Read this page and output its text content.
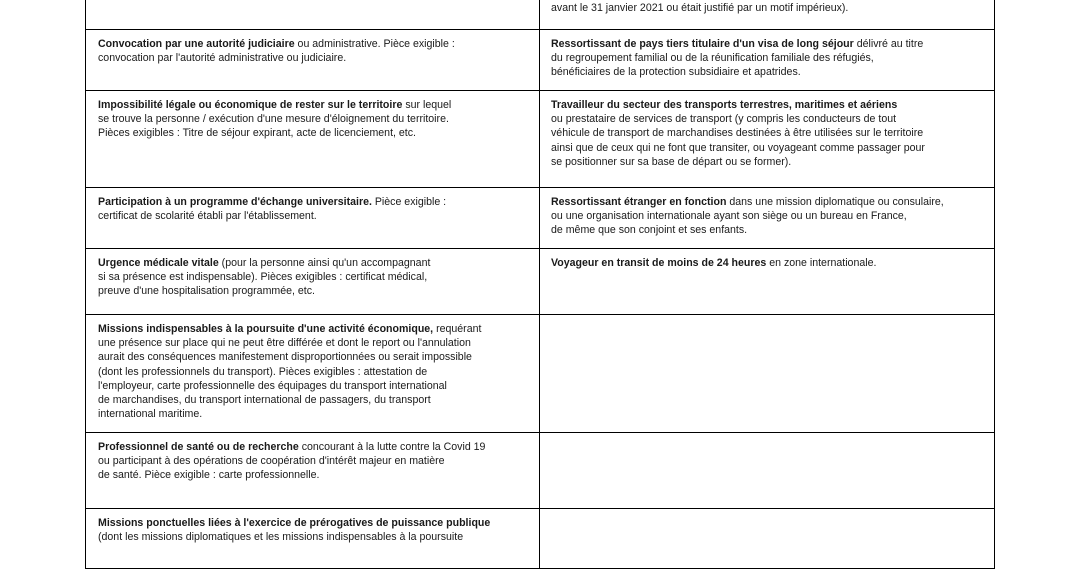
avant le 31 janvier 2021 ou était justifié par un motif impérieux).
Convocation par une autorité judiciaire ou administrative. Pièce exigible :
convocation par l'autorité administrative ou judiciaire.
Ressortissant de pays tiers titulaire d'un visa de long séjour délivré au titre
du regroupement familial ou de la réunification familiale des réfugiés,
bénéficiaires de la protection subsidiaire et apatrides.
Impossibilité légale ou économique de rester sur le territoire sur lequel
se trouve la personne / exécution d'une mesure d'éloignement du territoire.
Pièces exigibles : Titre de séjour expirant, acte de licenciement, etc.
Travailleur du secteur des transports terrestres, maritimes et aériens
ou prestataire de services de transport (y compris les conducteurs de tout
véhicule de transport de marchandises destinées à être utilisées sur le territoire
ainsi que de ceux qui ne font que transiter, ou voyageant comme passager pour
se positionner sur sa base de départ ou se former).
Participation à un programme d'échange universitaire. Pièce exigible :
certificat de scolarité établi par l'établissement.
Ressortissant étranger en fonction dans une mission diplomatique ou consulaire,
ou une organisation internationale ayant son siège ou un bureau en France,
de même que son conjoint et ses enfants.
Urgence médicale vitale (pour la personne ainsi qu'un accompagnant
si sa présence est indispensable). Pièces exigibles : certificat médical,
preuve d'une hospitalisation programmée, etc.
Voyageur en transit de moins de 24 heures en zone internationale.
Missions indispensables à la poursuite d'une activité économique, requérant
une présence sur place qui ne peut être différée et dont le report ou l'annulation
aurait des conséquences manifestement disproportionnées ou serait impossible
(dont les professionnels du transport). Pièces exigibles : attestation de
l'employeur, carte professionnelle des équipages du transport international
de marchandises, du transport international de passagers, du transport
international maritime.
Professionnel de santé ou de recherche concourant à la lutte contre la Covid 19
ou participant à des opérations de coopération d'intérêt majeur en matière
de santé. Pièce exigible : carte professionnelle.
Missions ponctuelles liées à l'exercice de prérogatives de puissance publique
(dont les missions diplomatiques et les missions indispensables à la poursuite
